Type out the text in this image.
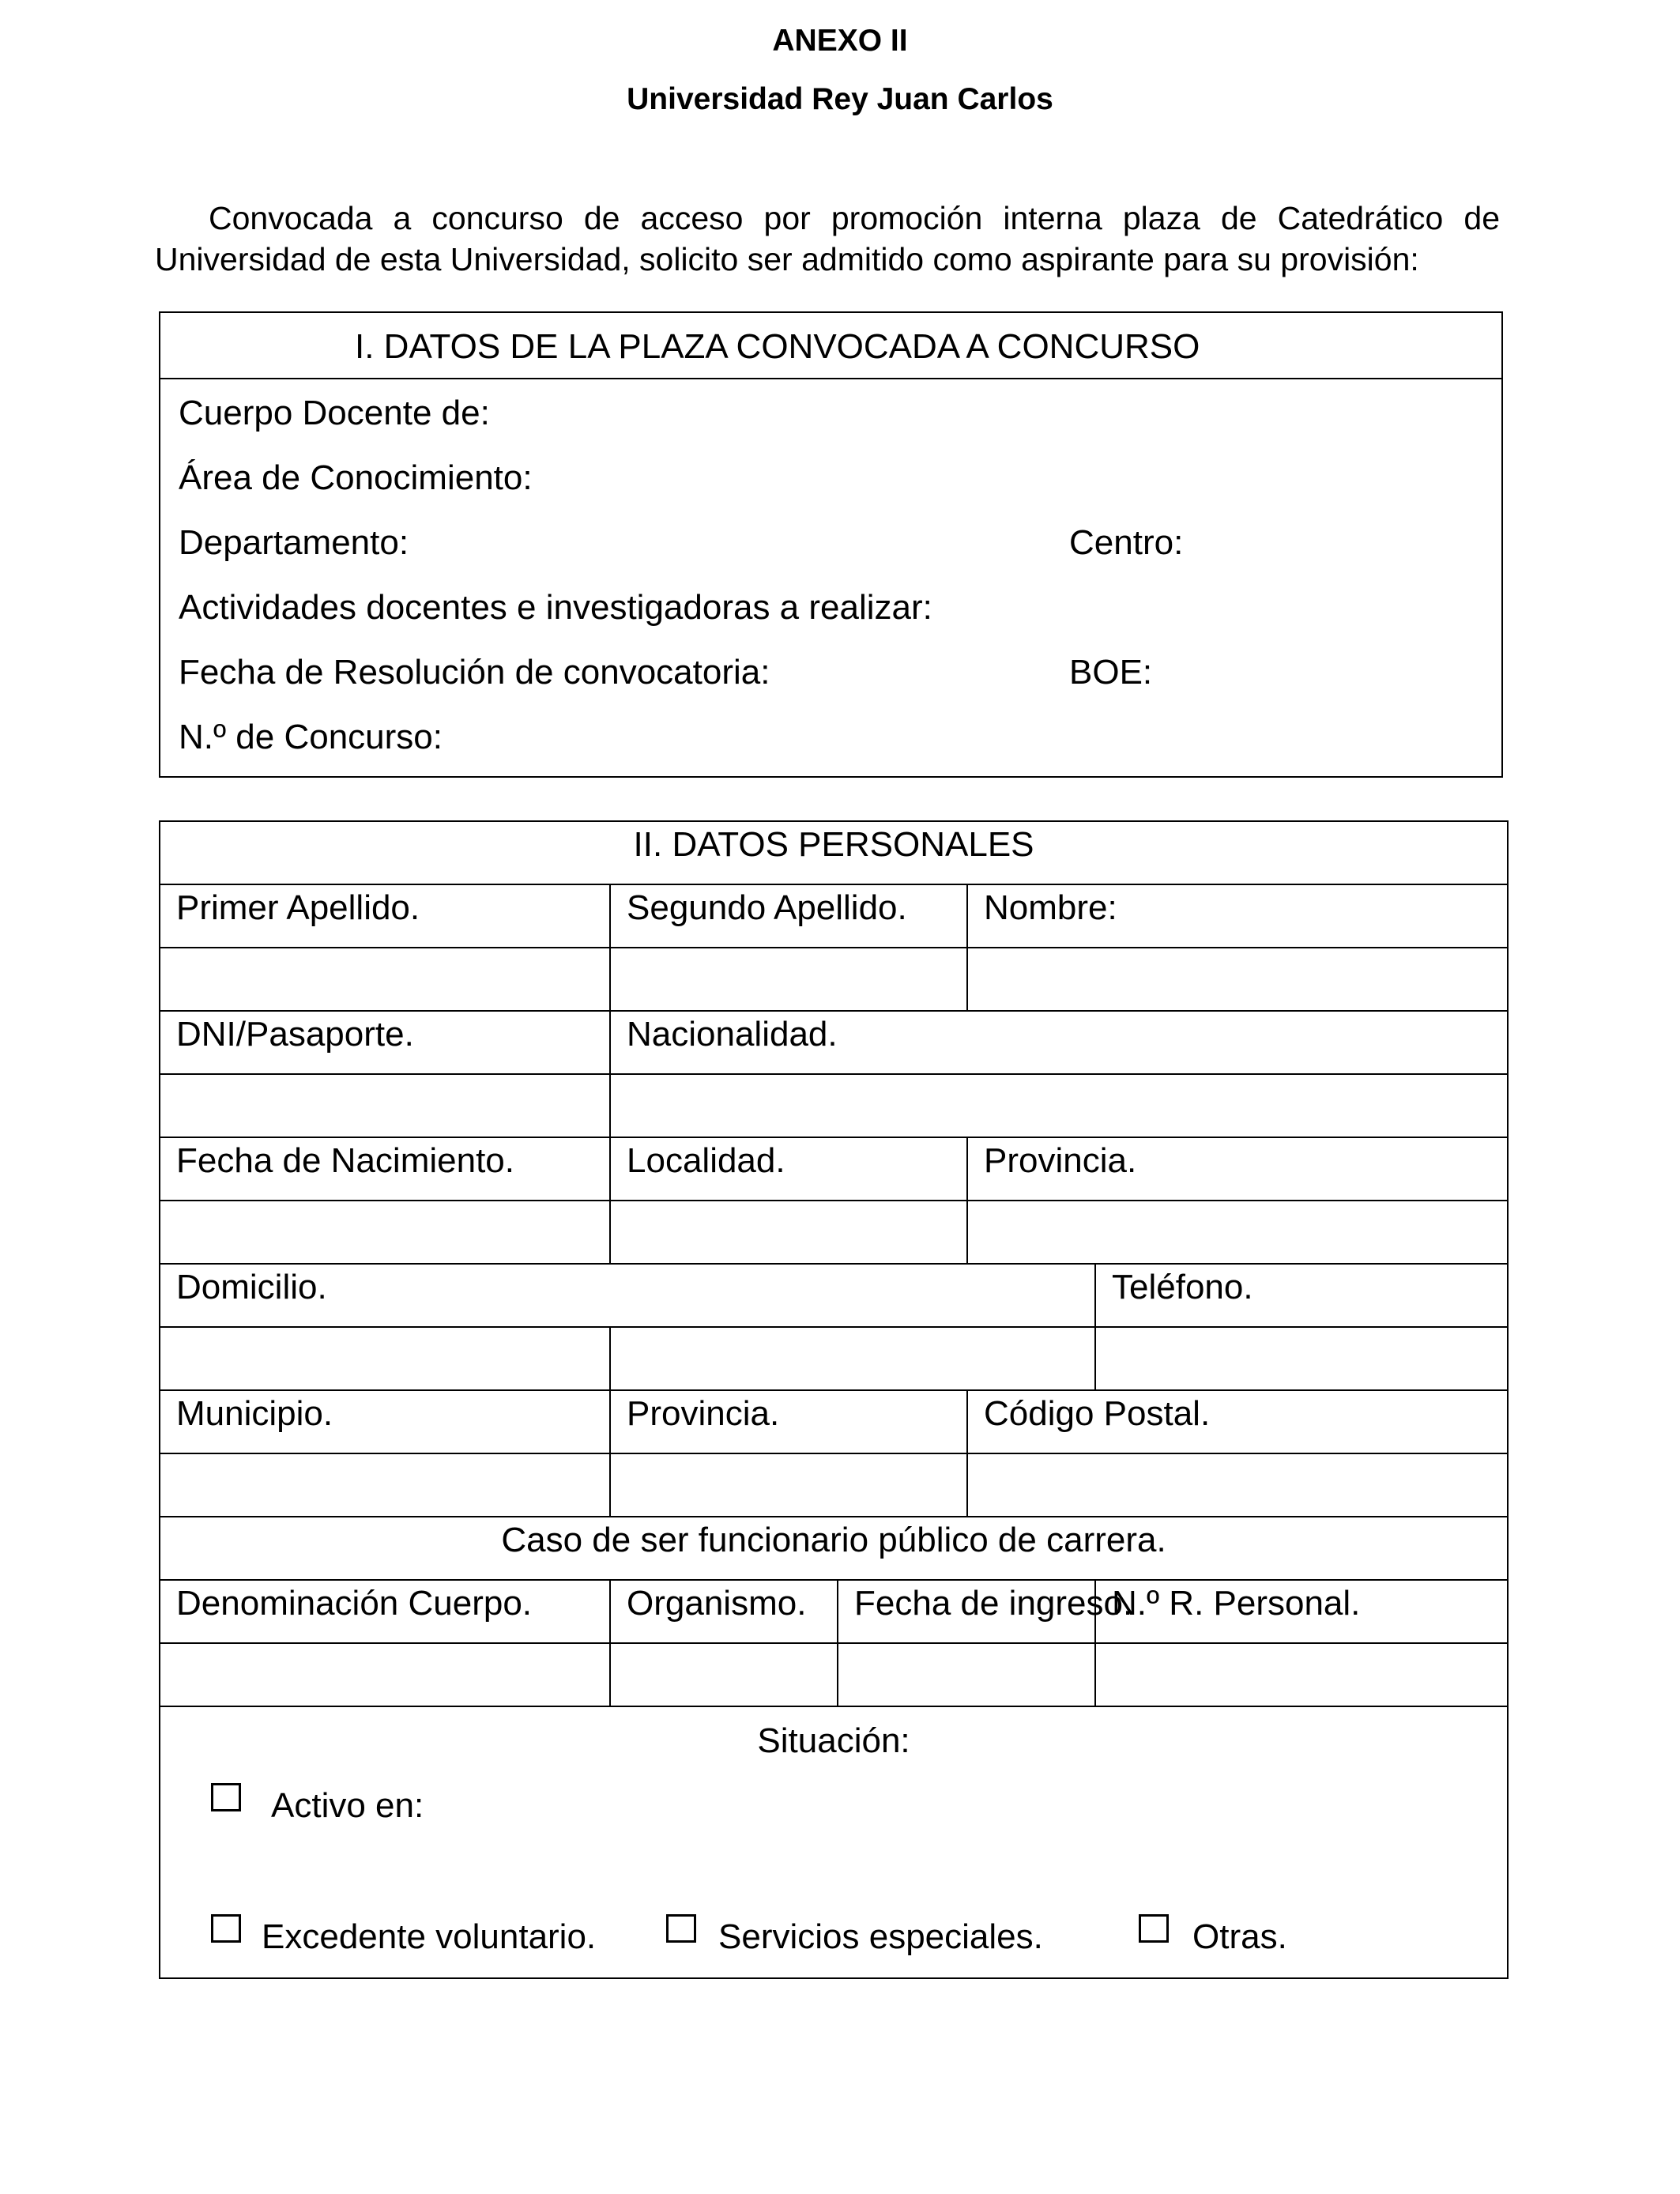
ANEXO II
Universidad Rey Juan Carlos
Convocada a concurso de acceso por promoción interna plaza de Catedrático de
Universidad de esta Universidad, solicito ser admitido como aspirante para su provisión:
I. DATOS DE LA PLAZA CONVOCADA A CONCURSO
Cuerpo Docente de:
Área de Conocimiento:
Departamento:	Centro:
Actividades docentes e investigadoras a realizar:
Fecha de Resolución de convocatoria:	BOE:
N.º de Concurso:
II. DATOS PERSONALES				
Primer Apellido.	Segundo Apellido.		Nombre:	

DNI/Pasaporte.	Nacionalidad.			

Fecha de Nacimiento.	Localidad.		Provincia.	

Domicilio.				Teléfono.

Municipio.	Provincia.		Código Postal.	

Caso de ser funcionario público de carrera.				
Denominación Cuerpo.	Organismo.	Fecha de ingreso.		N.º R. Personal.

Situación:
Activo en:
Excedente voluntario. Servicios especiales. Otras.				
